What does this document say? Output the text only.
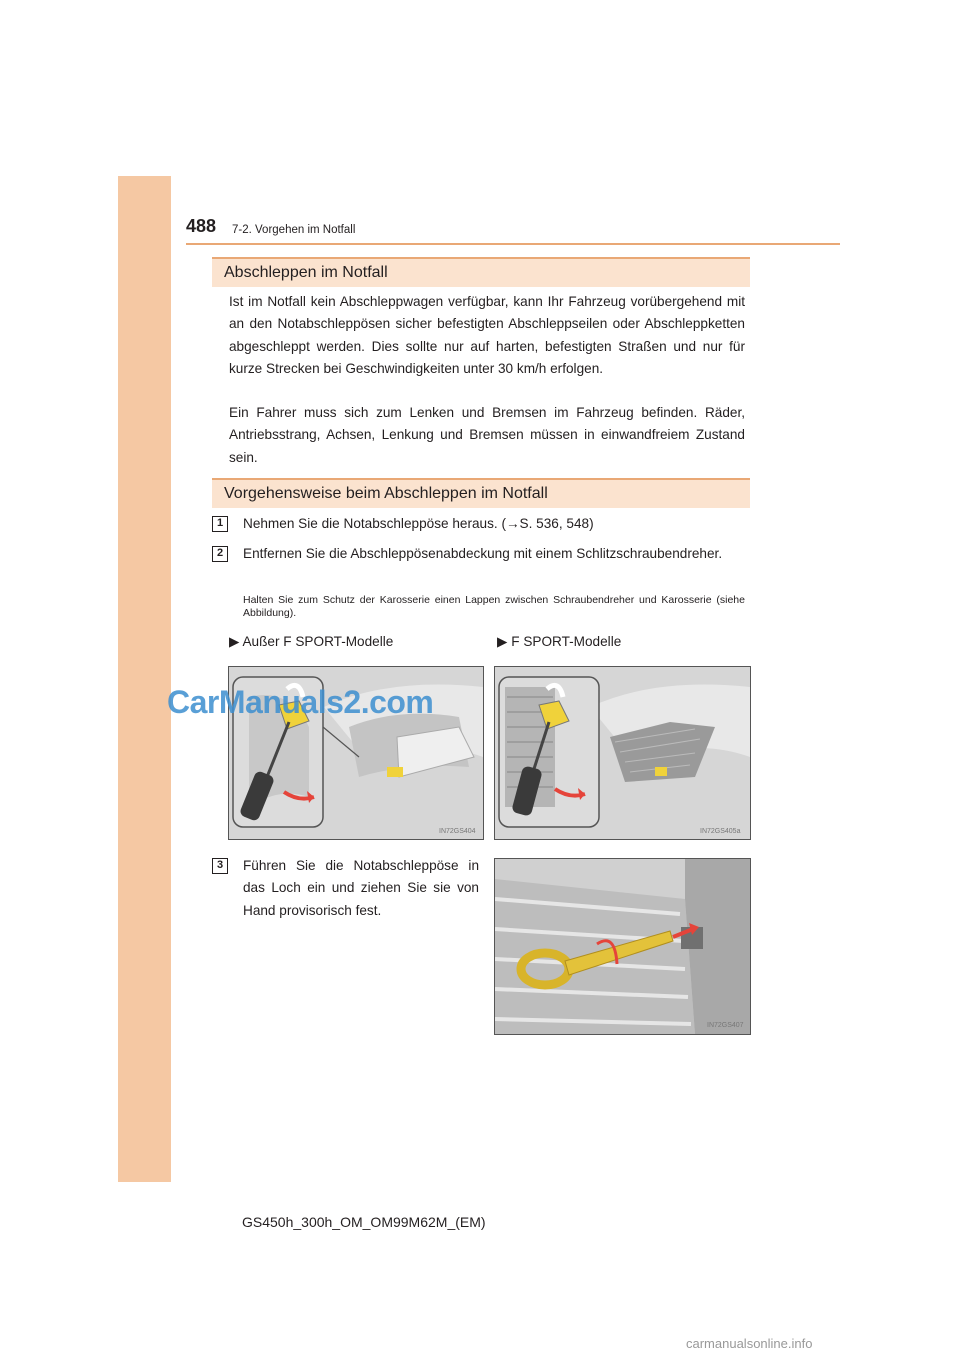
488 7-2. Vorgehen im Notfall
Abschleppen im Notfall

Ist im Notfall kein Abschleppwagen verfügbar, kann Ihr Fahrzeug vorübergehend mit an den Notabschleppösen sicher befestigten Abschleppseilen oder Abschleppketten abgeschleppt werden. Dies sollte nur auf harten, befestigten Straßen und nur für kurze Strecken bei Geschwindigkeiten unter 30 km/h erfolgen.

Ein Fahrer muss sich zum Lenken und Bremsen im Fahrzeug befinden. Räder, Antriebsstrang, Achsen, Lenkung und Bremsen müssen in einwandfreiem Zustand sein.

Vorgehensweise beim Abschleppen im Notfall
1	Nehmen Sie die Notabschleppöse heraus. (→S. 536, 548)

2	Entfernen Sie die Abschleppösenabdeckung mit einem Schlitzschraubendreher.

Halten Sie zum Schutz der Karosserie einen Lappen zwischen Schraubendreher und Karosserie (siehe Abbildung).

▶ Außer F SPORT-Modelle	▶ F SPORT-Modelle
IN72GS404	IN72GS405a
CarManuals2.com
3	Führen Sie die Notabschleppöse in das Loch ein und ziehen Sie sie von Hand provisorisch fest.

IN72GS407
GS450h_300h_OM_OM99M62M_(EM)
carmanualsonline.info
